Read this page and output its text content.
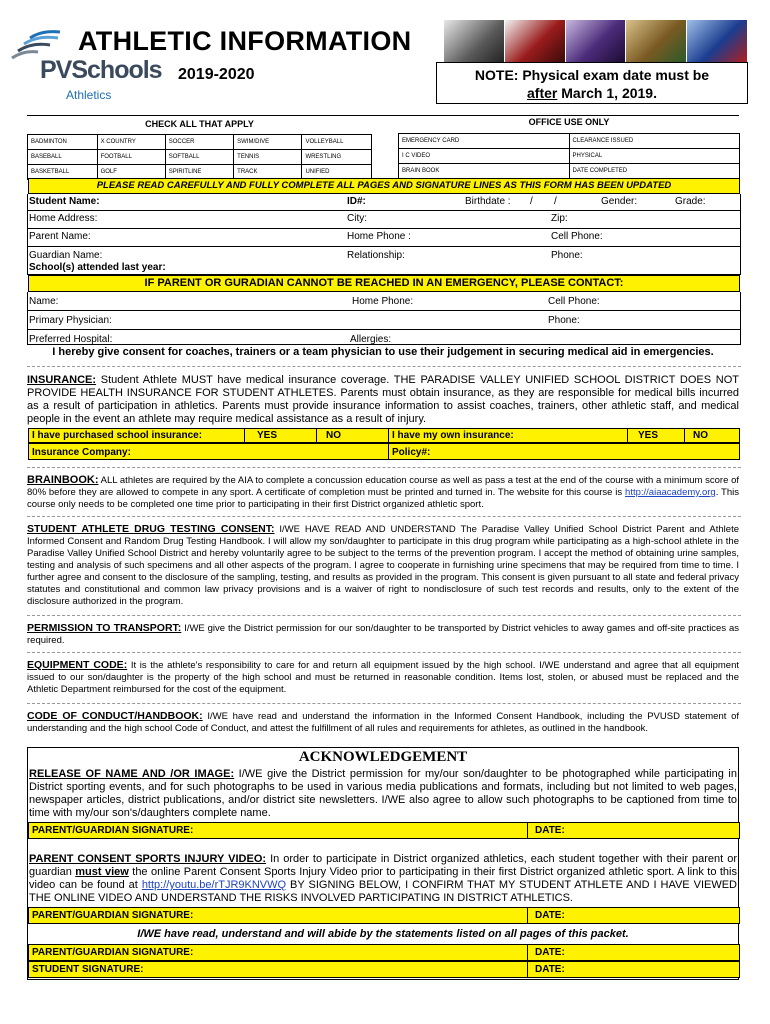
PVSchools
Athletics
ATHLETIC INFORMATION
2019-2020	NOTE: Physical exam date must be
after March 1, 2019.
CHECK ALL THAT APPLY	OFFICE USE ONLY
BADMINTON	X COUNTRY	SOCCER	SWIM/DIVE	VOLLEYBALL
BASEBALL	FOOTBALL	SOFTBALL	TENNIS	WRESTLING
BASKETBALL	GOLF	SPIRITLINE	TRACK	UNIFIED
EMERGENCY CARD	CLEARANCE ISSUED
I C VIDEO	PHYSICAL
BRAIN BOOK	DATE COMPLETED
PLEASE READ CAREFULLY AND FULLY COMPLETE ALL PAGES AND SIGNATURE LINES AS THIS FORM HAS BEEN UPDATED
Student Name:	ID#:	Birthdate : / /	Gender:	Grade:
Home Address:	City:	Zip:
Parent Name:	Home Phone :	Cell Phone:
Guardian Name:	Relationship:	Phone:
School(s) attended last year:
IF PARENT OR GURADIAN CANNOT BE REACHED IN AN EMERGENCY, PLEASE CONTACT:
Name:	Home Phone:	Cell Phone:
Primary Physician:	Phone:
Preferred Hospital:	Allergies:
I hereby give consent for coaches, trainers or a team physician to use their judgement in securing medical aid in emergencies.
INSURANCE: Student Athlete MUST have medical insurance coverage. THE PARADISE VALLEY UNIFIED SCHOOL DISTRICT DOES NOT PROVIDE HEALTH INSURANCE FOR STUDENT ATHLETES. Parents must obtain insurance, as they are responsible for medical bills incurred as a result of participation in athletics. Parents must provide insurance information to assist coaches, trainers, other athletic staff, and medical people in the event an athlete may require medical assistance as a result of injury.
I have purchased school insurance:	YES	NO	I have my own insurance:	YES	NO
Insurance Company:	Policy#:
BRAINBOOK: ALL athletes are required by the AIA to complete a concussion education course as well as pass a test at the end of the course with a minimum score of 80% before they are allowed to compete in any sport. A certificate of completion must be printed and turned in. The website for this course is http://aiaacademy.org. This course only needs to be completed one time prior to participating in their first District organized athletic sport.
STUDENT ATHLETE DRUG TESTING CONSENT: I/WE HAVE READ AND UNDERSTAND The Paradise Valley Unified School District Parent and Athlete Informed Consent and Random Drug Testing Handbook. I will allow my son/daughter to participate in this drug program while participating as a high-school athlete in the Paradise Valley Unified School District and hereby voluntarily agree to be subject to the terms of the prevention program. I accept the method of obtaining urine samples, testing and analysis of such specimens and all other aspects of the program. I agree to cooperate in furnishing urine specimens that may be required from time to time. I further agree and consent to the disclosure of the sampling, testing, and results as provided in the program. This consent is given pursuant to all state and federal privacy statutes and constitutional and common law privacy provisions and is a waiver of right to nondisclosure of such test records and results, only to the extent of the disclosure authorized in the program.
PERMISSION TO TRANSPORT: I/WE give the District permission for our son/daughter to be transported by District vehicles to away games and off-site practices as required.
EQUIPMENT CODE: It is the athlete's responsibility to care for and return all equipment issued by the high school. I/WE understand and agree that all equipment issued to our son/daughter is the property of the high school and must be returned in reasonable condition. Items lost, stolen, or abused must be replaced and the Athletic Department reimbursed for the cost of the equipment.
CODE OF CONDUCT/HANDBOOK: I/WE have read and understand the information in the Informed Consent Handbook, including the PVUSD statement of understanding and the high school Code of Conduct, and attest the fulfillment of all rules and requirements for athletes, as outlined in the handbook.
ACKNOWLEDGEMENT
RELEASE OF NAME AND /OR IMAGE: I/WE give the District permission for my/our son/daughter to be photographed while participating in District sporting events, and for such photographs to be used in various media publications and formats, including but not limited to web pages, newspaper articles, district publications, and/or district site newsletters. I/WE also agree to allow such photographs to be captioned from time to time with my/our son's/daughters complete name.
PARENT/GUARDIAN SIGNATURE:	DATE:
PARENT CONSENT SPORTS INJURY VIDEO: In order to participate in District organized athletics, each student together with their parent or guardian must view the online Parent Consent Sports Injury Video prior to participating in their first District organized athletic sport. A link to this video can be found at http://youtu.be/rTJR9KNVWQ BY SIGNING BELOW, I CONFIRM THAT MY STUDENT ATHLETE AND I HAVE VIEWED THE ONLINE VIDEO AND UNDERSTAND THE RISKS INVOLVED PARTICIPATING IN DISTRICT ATHLETICS.
PARENT/GUARDIAN SIGNATURE:	DATE:
I/WE have read, understand and will abide by the statements listed on all pages of this packet.
PARENT/GUARDIAN SIGNATURE:	DATE:
STUDENT SIGNATURE:	DATE:
